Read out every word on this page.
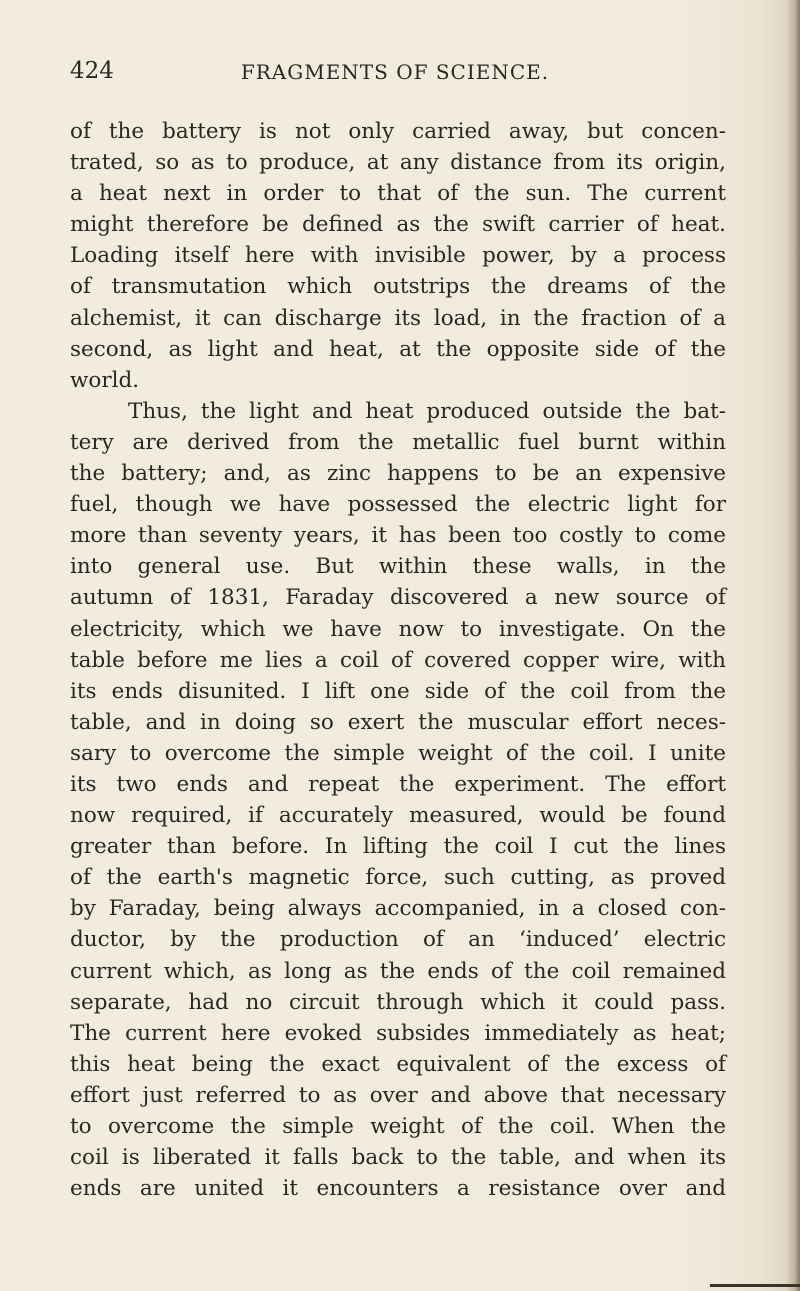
424	FRAGMENTS OF SCIENCE.
of the battery is not only carried away, but concen-
trated, so as to produce, at any distance from its origin,
a heat next in order to that of the sun. The current
might therefore be defined as the swift carrier of heat.
Loading itself here with invisible power, by a process
of transmutation which outstrips the dreams of the
alchemist, it can discharge its load, in the fraction of a
second, as light and heat, at the opposite side of the
world.
Thus, the light and heat produced outside the bat-
tery are derived from the metallic fuel burnt within
the battery; and, as zinc happens to be an expensive
fuel, though we have possessed the electric light for
more than seventy years, it has been too costly to come
into general use. But within these walls, in the
autumn of 1831, Faraday discovered a new source of
electricity, which we have now to investigate. On the
table before me lies a coil of covered copper wire, with
its ends disunited. I lift one side of the coil from the
table, and in doing so exert the muscular effort neces-
sary to overcome the simple weight of the coil. I unite
its two ends and repeat the experiment. The effort
now required, if accurately measured, would be found
greater than before. In lifting the coil I cut the lines
of the earth's magnetic force, such cutting, as proved
by Faraday, being always accompanied, in a closed con-
ductor, by the production of an ‘induced’ electric
current which, as long as the ends of the coil remained
separate, had no circuit through which it could pass.
The current here evoked subsides immediately as heat;
this heat being the exact equivalent of the excess of
effort just referred to as over and above that necessary
to overcome the simple weight of the coil. When the
coil is liberated it falls back to the table, and when its
ends are united it encounters a resistance over and
